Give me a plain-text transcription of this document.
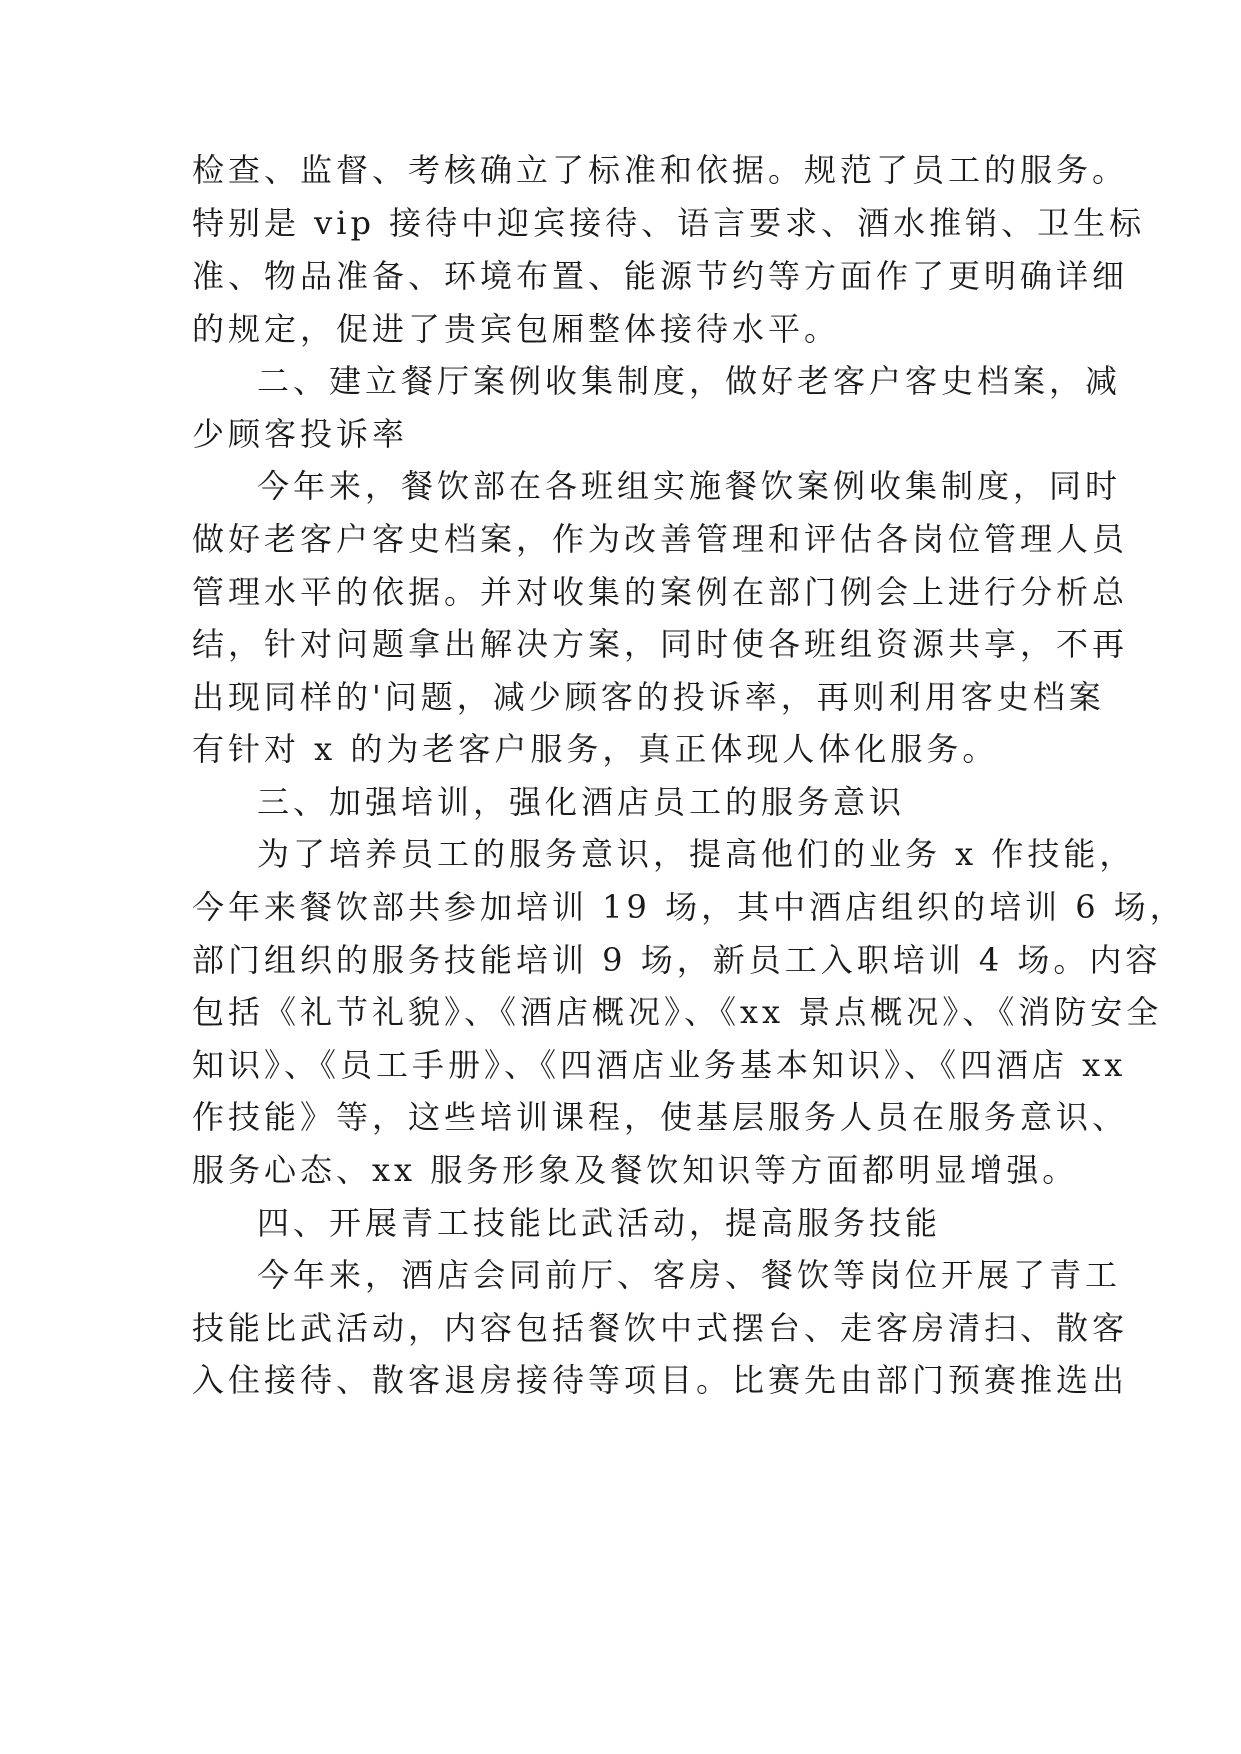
检查、监督、考核确立了标准和依据。规范了员工的服务。
特别是 vip 接待中迎宾接待、语言要求、酒水推销、卫生标
准、物品准备、环境布置、能源节约等方面作了更明确详细
的规定，促进了贵宾包厢整体接待水平。
二、建立餐厅案例收集制度，做好老客户客史档案，减
少顾客投诉率
今年来，餐饮部在各班组实施餐饮案例收集制度，同时
做好老客户客史档案，作为改善管理和评估各岗位管理人员
管理水平的依据。并对收集的案例在部门例会上进行分析总
结，针对问题拿出解决方案，同时使各班组资源共享，不再
出现同样的'问题，减少顾客的投诉率，再则利用客史档案
有针对 x 的为老客户服务，真正体现人体化服务。
三、加强培训，强化酒店员工的服务意识
为了培养员工的服务意识，提高他们的业务 x 作技能，
今年来餐饮部共参加培训 19 场，其中酒店组织的培训 6 场，
部门组织的服务技能培训 9 场，新员工入职培训 4 场。内容
包括《礼节礼貌》、《酒店概况》、《xx 景点概况》、《消防安全
知识》、《员工手册》、《四酒店业务基本知识》、《四酒店 xx
作技能》等，这些培训课程，使基层服务人员在服务意识、
服务心态、xx 服务形象及餐饮知识等方面都明显增强。
四、开展青工技能比武活动，提高服务技能
今年来，酒店会同前厅、客房、餐饮等岗位开展了青工
技能比武活动，内容包括餐饮中式摆台、走客房清扫、散客
入住接待、散客退房接待等项目。比赛先由部门预赛推选出
